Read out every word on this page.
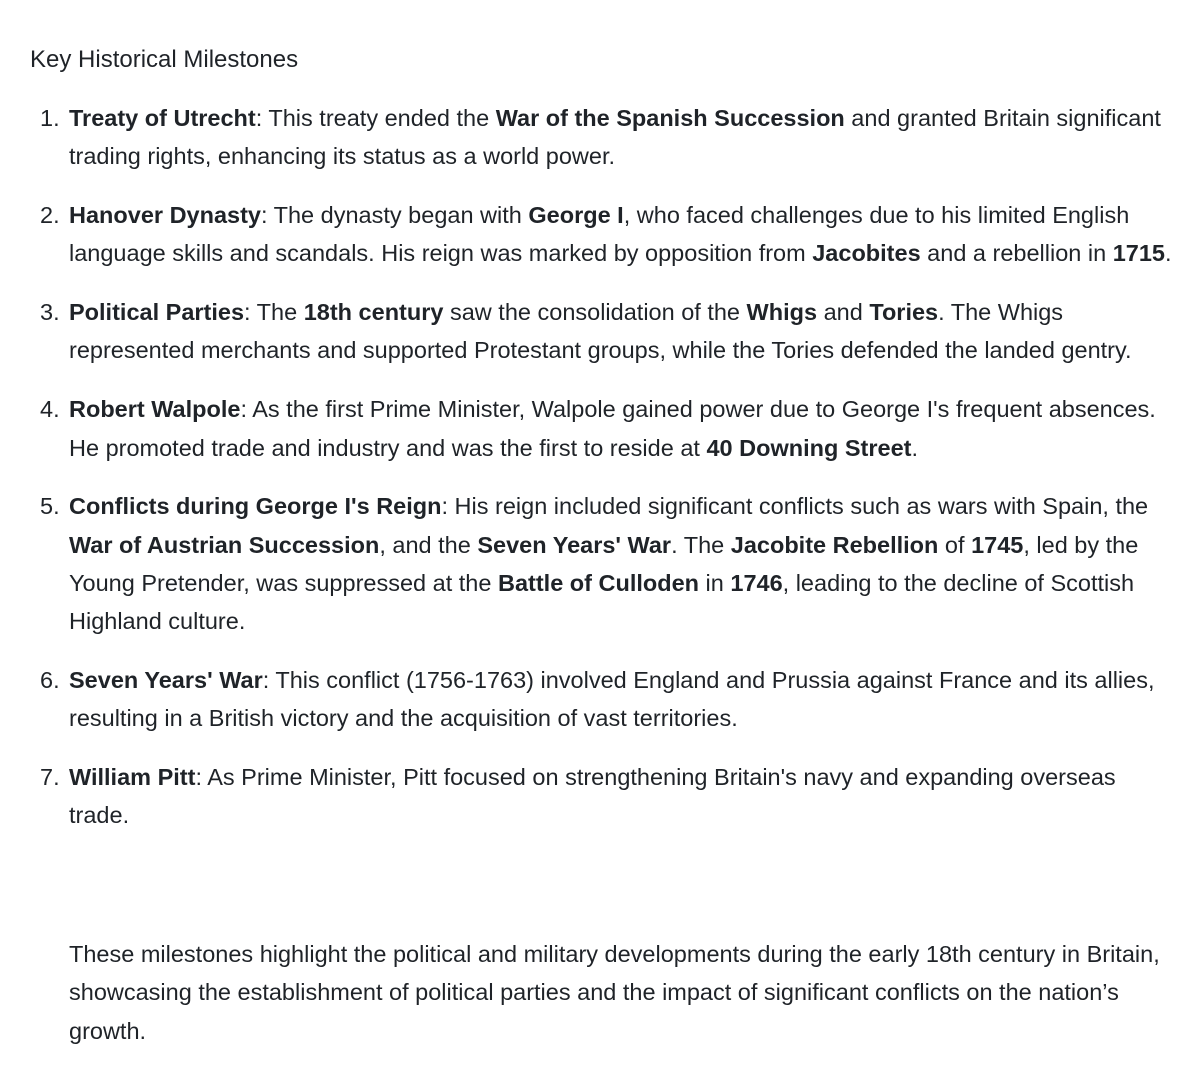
Key Historical Milestones
1. Treaty of Utrecht: This treaty ended the War of the Spanish Succession and granted Britain significant trading rights, enhancing its status as a world power.
2. Hanover Dynasty: The dynasty began with George I, who faced challenges due to his limited English language skills and scandals. His reign was marked by opposition from Jacobites and a rebellion in 1715.
3. Political Parties: The 18th century saw the consolidation of the Whigs and Tories. The Whigs represented merchants and supported Protestant groups, while the Tories defended the landed gentry.
4. Robert Walpole: As the first Prime Minister, Walpole gained power due to George I's frequent absences. He promoted trade and industry and was the first to reside at 40 Downing Street.
5. Conflicts during George I's Reign: His reign included significant conflicts such as wars with Spain, the War of Austrian Succession, and the Seven Years' War. The Jacobite Rebellion of 1745, led by the Young Pretender, was suppressed at the Battle of Culloden in 1746, leading to the decline of Scottish Highland culture.
6. Seven Years' War: This conflict (1756-1763) involved England and Prussia against France and its allies, resulting in a British victory and the acquisition of vast territories.
7. William Pitt: As Prime Minister, Pitt focused on strengthening Britain's navy and expanding overseas trade.

These milestones highlight the political and military developments during the early 18th century in Britain, showcasing the establishment of political parties and the impact of significant conflicts on the nation’s growth.
